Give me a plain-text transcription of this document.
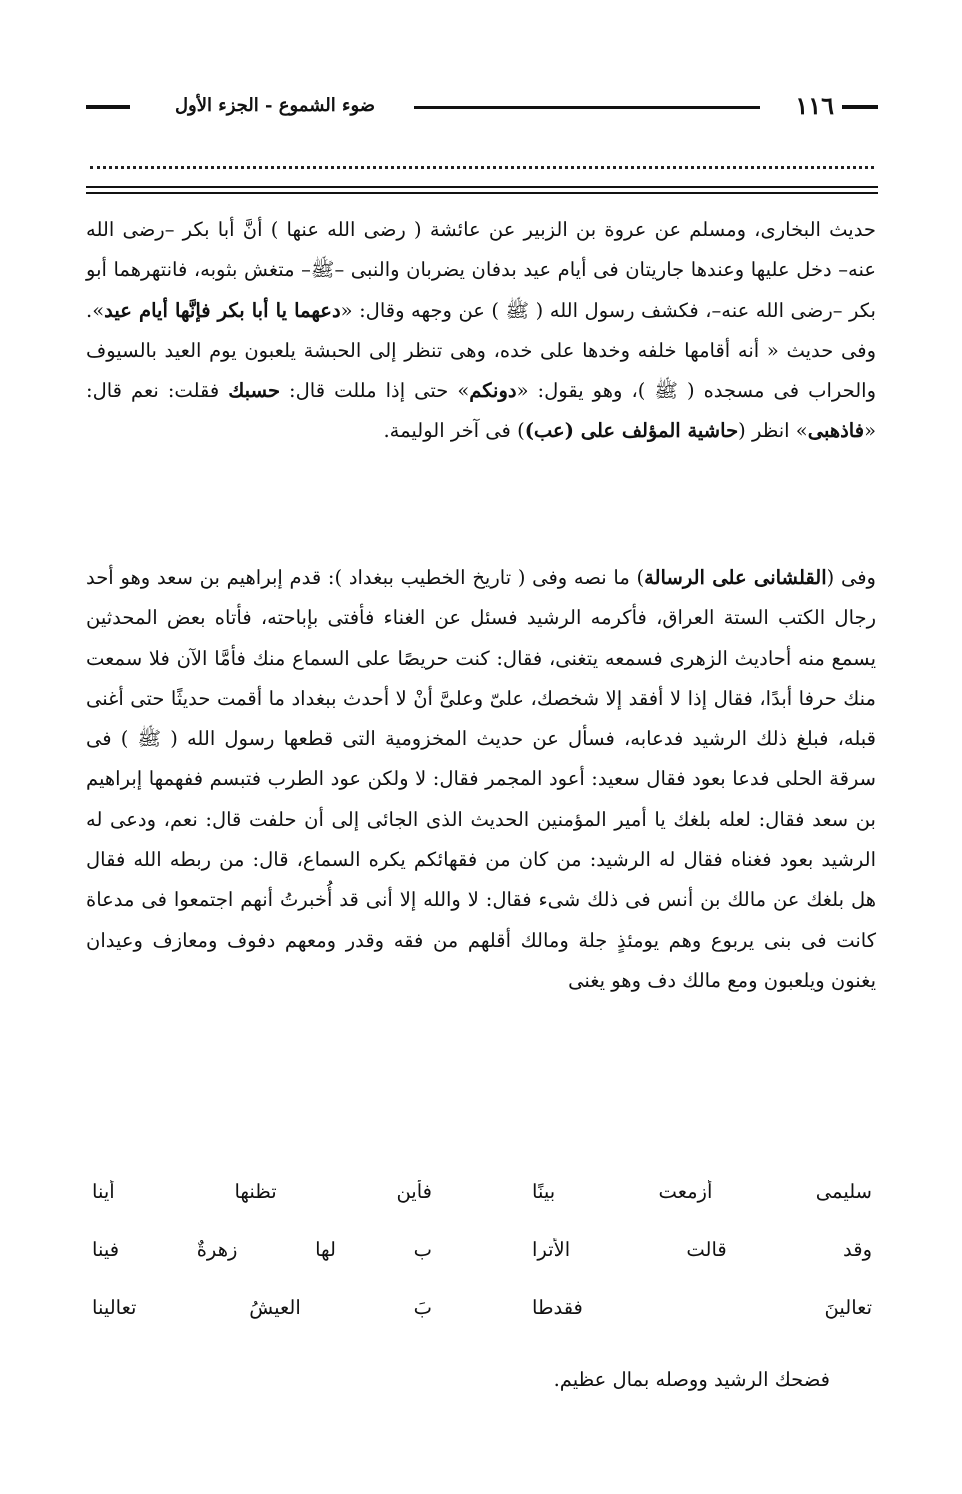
١١٦
ضوء الشموع - الجزء الأول

حديث البخارى، ومسلم عن عروة بن الزبير عن عائشة ( رضى الله عنها ) أنَّ أبا بكر –رضى الله عنه– دخل عليها وعندها جاريتان فى أيام عيد بدفان يضربان والنبى –ﷺ– متغش بثوبه، فانتهرهما أبو بكر –رضى الله عنه–، فكشف رسول الله ( ﷺ ) عن وجهه وقال: «دعهما يا أبا بكر فإنَّها أيام عيد». وفى حديث « أنه أقامها خلفه وخدها على خده، وهى تنظر إلى الحبشة يلعبون يوم العيد بالسيوف والحراب فى مسجده ( ﷺ )، وهو يقول: «دونكم» حتى إذا مللت قال: حسبك فقلت: نعم قال: «فاذهبى» انظر (حاشية المؤلف على (عب)) فى آخر الوليمة.

وفى (القلشانى على الرسالة) ما نصه وفى ( تاريخ الخطيب ببغداد ): قدم إبراهيم بن سعد وهو أحد رجال الكتب الستة العراق، فأكرمه الرشيد فسئل عن الغناء فأفتى بإباحته، فأتاه بعض المحدثين يسمع منه أحاديث الزهرى فسمعه يتغنى، فقال: كنت حريصًا على السماع منك فأمَّا الآن فلا سمعت منك حرفا أبدًا، فقال إذا لا أفقد إلا شخصك، علىّ وعلىَّ أنْ لا أحدث ببغداد ما أقمت حديثًا حتى أغنى قبله، فبلغ ذلك الرشيد فدعابه، فسأل عن حديث المخزومية التى قطعها رسول الله ( ﷺ ) فى سرقة الحلى فدعا بعود فقال سعيد: أعود المجمر فقال: لا ولكن عود الطرب فتبسم ففهمها إبراهيم بن سعد فقال: لعله بلغك يا أمير المؤمنين الحديث الذى الجائى إلى أن حلفت قال: نعم، ودعى له الرشيد بعود فغناه فقال له الرشيد: من كان من فقهائكم يكره السماع، قال: من ربطه الله فقال هل بلغك عن مالك بن أنس فى ذلك شىء فقال: لا والله إلا أنى قد أُخبرتُ أنهم اجتمعوا فى مدعاة كانت فى بنى يربوع وهم يومئذٍ جلة ومالك أقلهم من فقه وقدر ومعهم دفوف ومعازف وعيدان يغنون ويلعبون ومع مالك دف وهو يغنى

سليمى أزمعت بينًا
فأين تظنها أينا
وقد قالت الأترا
ب لها زهرةٌ فينا
تعالينَ فقدطا
بَ العيشُ تعالينا
فضحك الرشيد ووصله بمال عظيم.
